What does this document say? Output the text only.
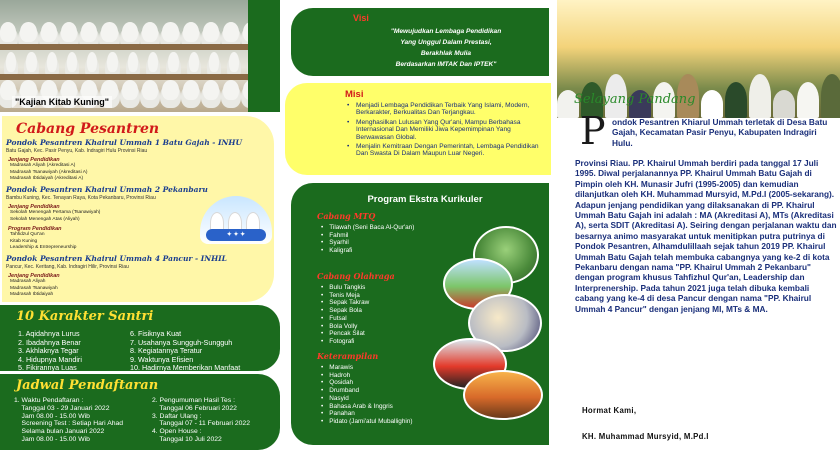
"Kajian Kitab Kuning"
Cabang Pesantren
Pondok Pesantren Khairul Ummah 1 Batu Gajah - INHU
Batu Gajah, Kec. Pasir Penyu, Kab. Indragiri Hulu Provinsi Riau
Jenjang Pendidikan
Madrasah Aliyah (Akreditasi A)
Madrasah Tsanawiyah (Akreditasi A)
Madrasah Ibtidaiyah (Akreditasi A)
Pondok Pesantren Khairul Ummah 2 Pekanbaru
Bambu Kuning, Kec. Tenayan Raya, Kota Pekanbaru, Provinsi Riau
Jenjang Pendidikan
Sekolah Menengah Pertama (Tsanawiyah)
Sekolah Menengah Atas (Aliyah)
Program Pendidikan
Tahfidzul Qur'an
Kitab Kuning
Leadership & Entrepreneurship
Pondok Pesantren Khairul Ummah 4 Pancur - INHIL
Pancur, Kec. Keritang, Kab. Indragiri Hilir, Provinsi Riau
Jenjang Pendidikan
Madrasah Aliyah
Madrasah Tsanawiyah
Madrasah Ibtidaiyah
✦ ✦ ✦
10 Karakter Santri
1. Aqidahnya Lurus
2. Ibadahnya Benar
3. Akhlaknya Tegar
4. Hidupnya Mandiri
5. Fikirannya Luas
6. Fisiknya Kuat
7. Usahanya Sungguh-Sungguh
8. Kegiatannya Teratur
9. Waktunya Efisien
10. Hadirnya Memberikan Manfaat
Jadwal Pendaftaran
1. Waktu Pendaftaran :
Tanggal 03 - 29 Januari 2022
Jam 08.00 - 15.00 Wib
Screening Test : Setiap Hari Ahad
Selama bulan Januari 2022
Jam 08.00 - 15.00 Wib
2. Pengumuman Hasil Tes :
Tanggal 06 Februari 2022
3. Daftar Ulang :
Tanggal 07 - 11 Februari 2022
4. Open House :
Tanggal 10 Juli 2022
Visi
"Mewujudkan Lembaga Pendidikan
Yang Unggul Dalam Prestasi,
Berakhlak Mulia
Berdasarkan IMTAK Dan IPTEK"
Misi
•	Menjadi Lembaga Pendidikan Terbaik Yang Islami, Modern, Berkarakter, Berkualitas Dan Terjangkau.
•	Menghasilkan Lulusan Yang Qur'ani, Mampu Berbahasa Internasional Dan Memiliki Jiwa Kepemimpinan Yang Berwawasan Global.
•	Menjalin Kemitraan Dengan Pemerintah, Lembaga Pendidikan Dan Swasta Di Dalam Maupun Luar Negeri.
Program Ekstra Kurikuler
Cabang MTQ
• Tilawah (Seni Baca Al-Qur'an)
• Fahmil
• Syarhil
• Kaligrafi
Cabang Olahraga
• Bulu Tangkis
• Tenis Meja
• Sepak Takraw
• Sepak Bola
• Futsal
• Bola Volly
• Pencak Silat
• Fotografi
Keterampilan
• Marawis
• Hadroh
• Qosidah
• Drumband
• Nasyid
• Bahasa Arab & Inggris
• Panahan
• Pidato (Jami'atul Muballighin)
Selayang Pandang
P ondok Pesantren Khiarul Ummah terletak di Desa Batu Gajah, Kecamatan Pasir Penyu, Kabupaten Indragiri Hulu.
Provinsi Riau. PP. Khairul Ummah berdiri pada tanggal 17 Juli 1995. Diwal perjalanannya PP. Khairul Ummah Batu Gajah di Pimpin oleh KH. Munasir Jufri (1995-2005) dan kemudian dilanjutkan oleh KH. Muhammad Mursyid, M.Pd.I (2005-sekarang). Adapun jenjang pendidikan yang dilaksanakan di PP. Khairul Ummah Batu Gajah ini adalah : MA (Akreditasi A), MTs (Akreditasi A), serta SDIT (Akreditasi A). Seiring dengan perjalanan waktu dan besarnya animo masyarakat untuk menitipkan putra putrinya di Pondok Pesantren, Alhamdulillaah sejak tahun 2019 PP. Khairul Ummah Batu Gajah telah membuka cabangnya yang ke-2 di kota Pekanbaru dengan nama "PP. Khairul Ummah 2 Pekanbaru" dengan program khusus Tahfizhul Qur'an, Leadership dan Interprenership. Pada tahun 2021 juga telah dibuka kembali cabang yang ke-4 di desa Pancur dengan nama "PP. Khairul Ummah 4 Pancur" dengan jenjang MI, MTs & MA.
Hormat Kami,
KH. Muhammad Mursyid, M.Pd.I
